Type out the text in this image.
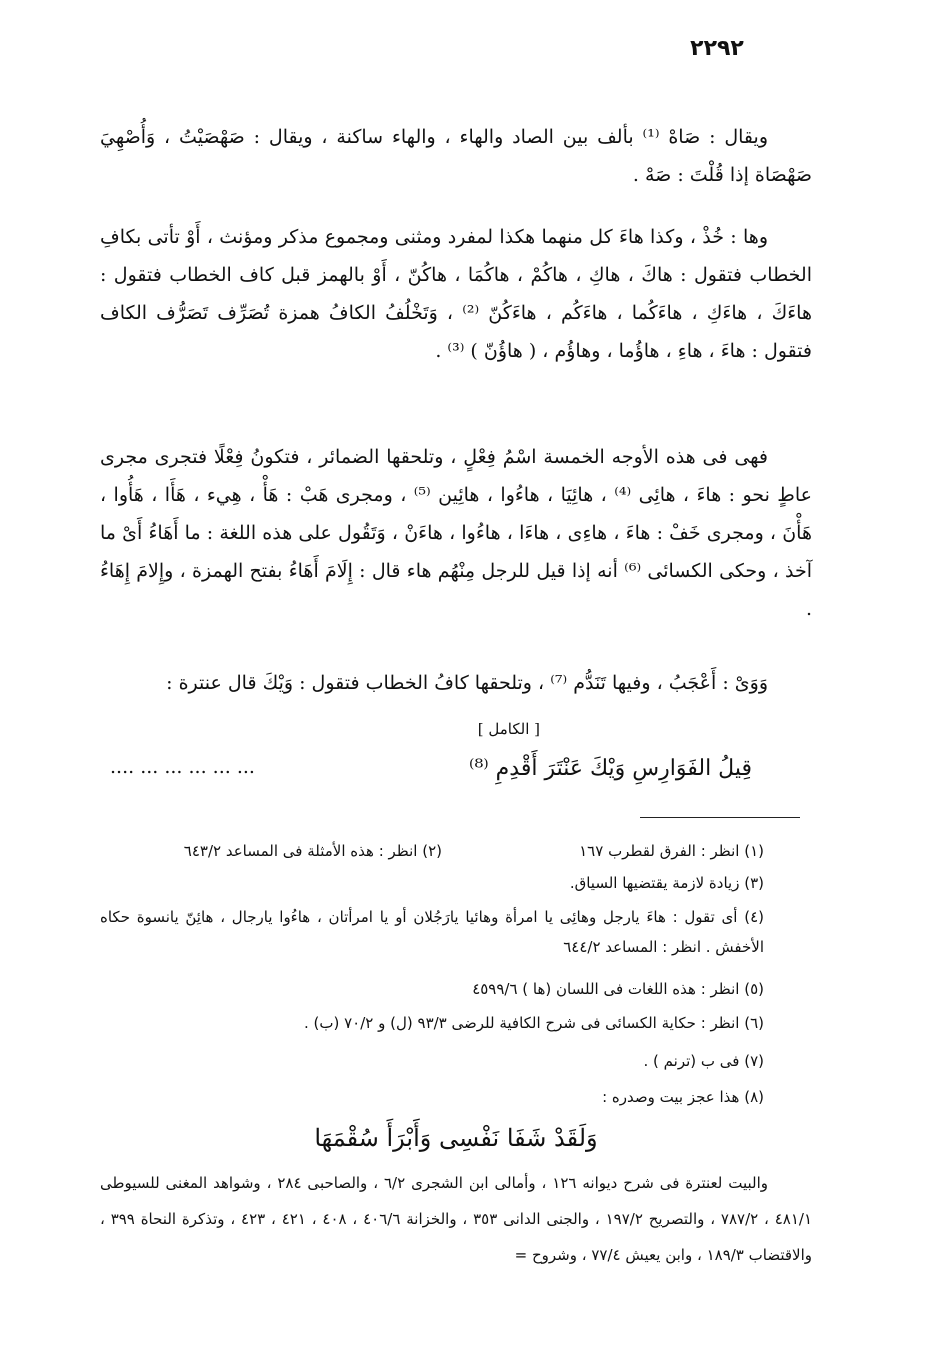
٢٢٩٢

ويقال : صَاهْ ⁽¹⁾ بألف بين الصاد والهاء ، والهاء ساكنة ، ويقال : صَهْصَيْتُ ، وَأُصْهِيَ صَهْصَاة إذا قُلْتَ : صَهْ .

وها : خُذْ ، وكذا هاءَ كل منهما هكذا لمفرد ومثنى ومجموع مذكر ومؤنث ، أَوْ تأتى بكافِ الخطاب فتقول : هاكَ ، هاكِ ، هاكُمْ ، هاكُمَا ، هاكُنّ ، أَوْ بالهمز قبل كاف الخطاب فتقول : هاءَكَ ، هاءَكِ ، هاءَكُما ، هاءَكُم ، هاءَكُنّ ⁽²⁾ ، وَتَخْلُفُ الكافُ همزة تُصَرِّف تَصَرُّف الكاف فتقول : هاءَ ، هاءِ ، هاؤُما ، وهاؤُم ، ( هاؤُنّ ) ⁽³⁾ .

فهى فى هذه الأوجه الخمسة اسْمُ فِعْلٍ ، وتلحقها الضمائر ، فتكونُ فِعْلًا فتجرى مجرى عاطٍ نحو : هاءَ ، هائِى ⁽⁴⁾ ، هائِيَا ، هاءُوا ، هائِين ⁽⁵⁾ ، ومجرى هَبْ : هَأْ ، هِيء ، هَأَا ، هَأُوا ، هَأْنَ ، ومجرى خَفْ : هاءَ ، هاءِى ، هاءَا ، هاءُوا ، هاءَنْ ، وَتَقُول على هذه اللغة : ما أَهَاءُ أَىْ ما آخذ ، وحكى الكسائى ⁽⁶⁾ أنه إذا قيل للرجل مِنْهُم هاء قال : إِلَامَ أَهَاءُ بفتح الهمزة ، وإِلامَ إِهَاءُ .

وَوَىْ : أَعْجَبُ ، وفيها تَنَدُّم ⁽⁷⁾ ، وتلحقها كافُ الخطاب فتقول : وَيْكَ قال عنترة :

[ الكامل ]
قِيلُ الفَوَارِسِ وَيْكَ عَنْتَرَ أَقْدِمِ ⁽⁸⁾
.... ... ... ... ... ...
(١) انظر : الفرق لقطرب ١٦٧
(٢) انظر : هذه الأمثلة فى المساعد ٦٤٣/٢
(٣) زيادة لازمة يقتضيها السياق.
(٤) أى تقول : هاءَ يارجل وهائِى يا امرأة وهائيا يارَجُلان أو يا امرأتان ، هاءُوا يارجال ، هائِنّ يانسوة حكاه الأخفش . انظر : المساعد ٦٤٤/٢
(٥) انظر : هذه اللغات فى اللسان (ها ) ٤٥٩٩/٦
(٦) انظر : حكاية الكسائى فى شرح الكافية للرضى ٩٣/٣ (ل) و ٧٠/٢ (ب) .
(٧) فى ب (ترنم ) .
(٨) هذا عجز بيت وصدره :
وَلَقَدْ شَفَا نَفْسِى وَأَبْرَأَ سُقْمَهَا

والبيت لعنترة فى شرح ديوانه ١٢٦ ، وأمالى ابن الشجرى ٦/٢ ، والصاحبى ٢٨٤ ، وشواهد المغنى للسيوطى ٤٨١/١ ، ٧٨٧/٢ ، والتصريح ١٩٧/٢ ، والجنى الدانى ٣٥٣ ، والخزانة ٤٠٦/٦ ، ٤٠٨ ، ٤٢١ ، ٤٢٣ ، وتذكرة النحاة ٣٩٩ ، والاقتضاب ١٨٩/٣ ، وابن يعيش ٧٧/٤ ، وشروح =
